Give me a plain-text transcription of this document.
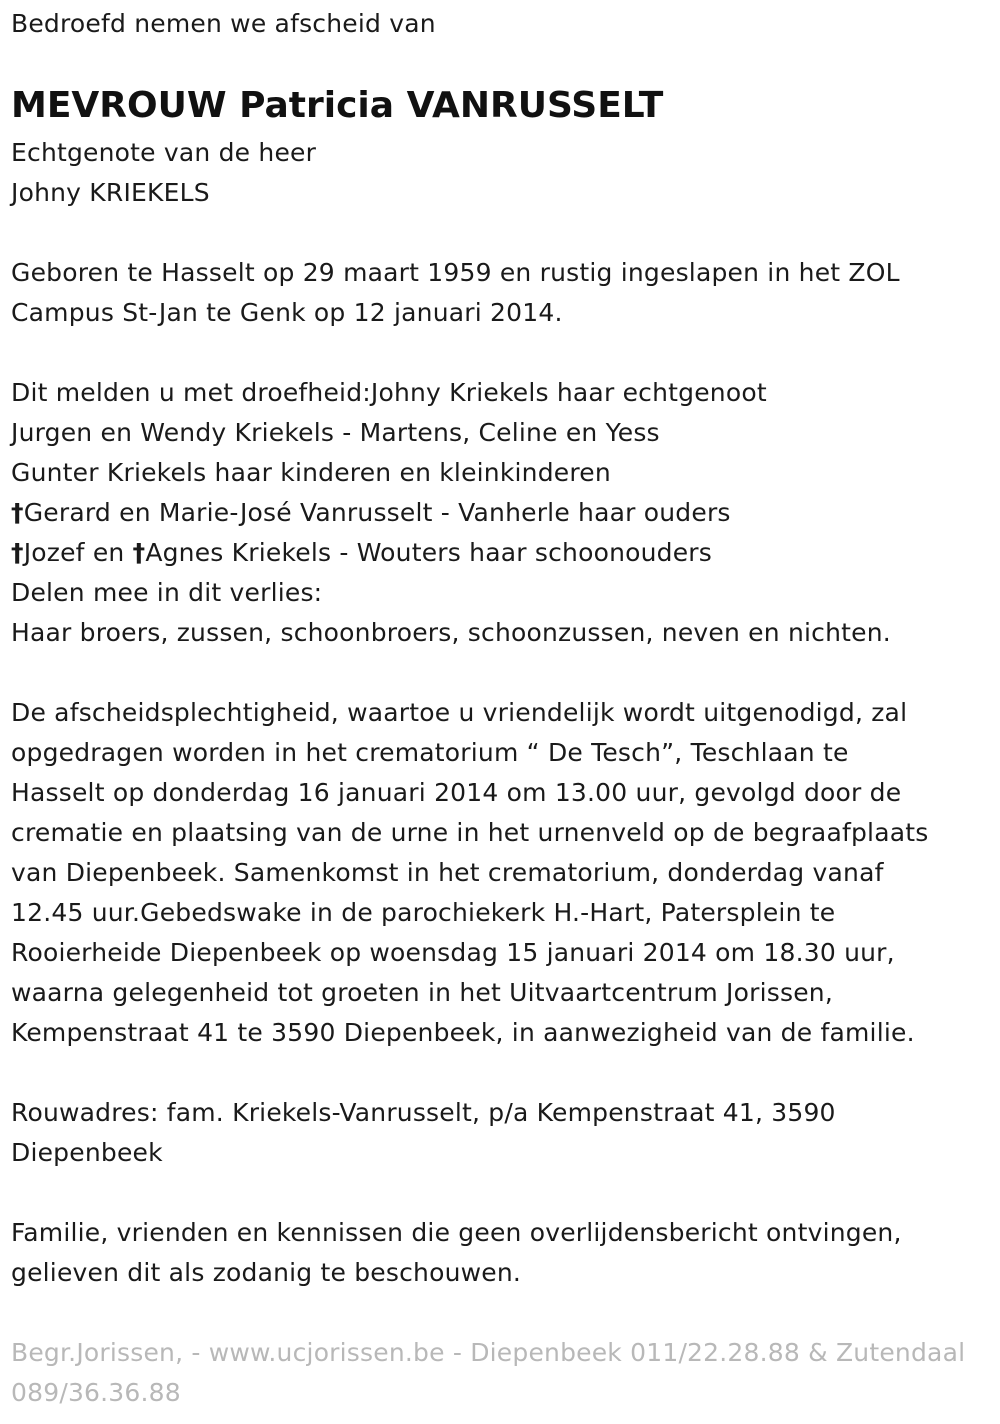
Bedroefd nemen we afscheid van
MEVROUW Patricia VANRUSSELT
Echtgenote van de heer
Johny KRIEKELS
Geboren te Hasselt op 29 maart 1959 en rustig ingeslapen in het ZOL
Campus St-Jan te Genk op 12 januari 2014.
Dit melden u met droefheid:Johny Kriekels haar echtgenoot
Jurgen en Wendy Kriekels - Martens, Celine en Yess
Gunter Kriekels haar kinderen en kleinkinderen
†Gerard en Marie-José Vanrusselt - Vanherle haar ouders
†Jozef en †Agnes Kriekels - Wouters haar schoonouders
Delen mee in dit verlies:
Haar broers, zussen, schoonbroers, schoonzussen, neven en nichten.
De afscheidsplechtigheid, waartoe u vriendelijk wordt uitgenodigd, zal
opgedragen worden in het crematorium “ De Tesch”, Teschlaan te
Hasselt op donderdag 16 januari 2014 om 13.00 uur, gevolgd door de
crematie en plaatsing van de urne in het urnenveld op de begraafplaats
van Diepenbeek. Samenkomst in het crematorium, donderdag vanaf
12.45 uur.Gebedswake in de parochiekerk H.-Hart, Patersplein te
Rooierheide Diepenbeek op woensdag 15 januari 2014 om 18.30 uur,
waarna gelegenheid tot groeten in het Uitvaartcentrum Jorissen,
Kempenstraat 41 te 3590 Diepenbeek, in aanwezigheid van de familie.
Rouwadres: fam. Kriekels-Vanrusselt, p/a Kempenstraat 41, 3590
Diepenbeek
Familie, vrienden en kennissen die geen overlijdensbericht ontvingen,
gelieven dit als zodanig te beschouwen.
Begr.Jorissen, - www.ucjorissen.be - Diepenbeek 011/22.28.88 & Zutendaal
089/36.36.88
